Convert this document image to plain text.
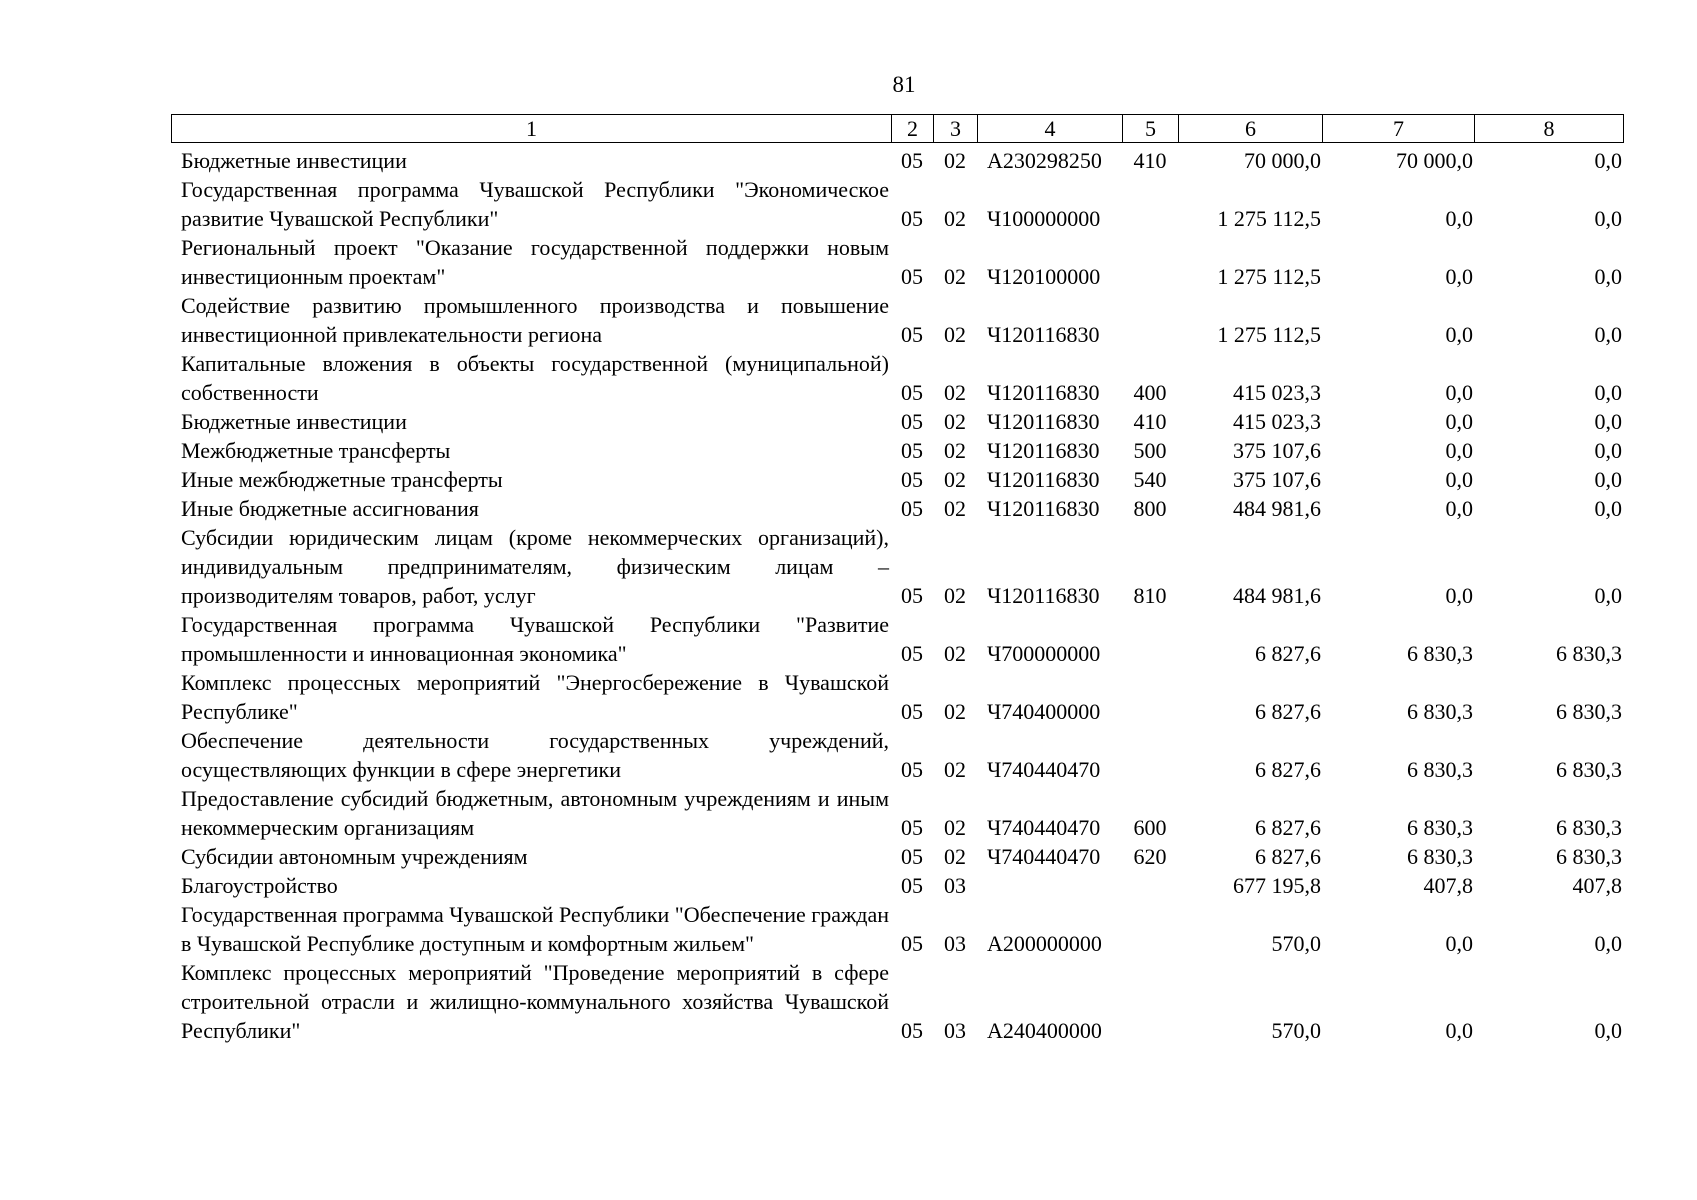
81
1	2	3	4	5	6	7	8
Бюджетные инвестиции	05	02	А230298250	410	70 000,0	70 000,0	0,0
Государственная программа Чувашской Республики "Экономическое развитие Чувашской Республики"	05	02	Ч100000000		1 275 112,5	0,0	0,0
Региональный проект "Оказание государственной поддержки новым инвестиционным проектам"	05	02	Ч120100000		1 275 112,5	0,0	0,0
Содействие развитию промышленного производства и повышение инвестиционной привлекательности региона	05	02	Ч120116830		1 275 112,5	0,0	0,0
Капитальные вложения в объекты государственной (муниципальной) собственности	05	02	Ч120116830	400	415 023,3	0,0	0,0
Бюджетные инвестиции	05	02	Ч120116830	410	415 023,3	0,0	0,0
Межбюджетные трансферты	05	02	Ч120116830	500	375 107,6	0,0	0,0
Иные межбюджетные трансферты	05	02	Ч120116830	540	375 107,6	0,0	0,0
Иные бюджетные ассигнования	05	02	Ч120116830	800	484 981,6	0,0	0,0
Субсидии юридическим лицам (кроме некоммерческих организаций), индивидуальным предпринимателям, физическим лицам – производителям товаров, работ, услуг	05	02	Ч120116830	810	484 981,6	0,0	0,0
Государственная программа Чувашской Республики "Развитие промышленности и инновационная экономика"	05	02	Ч700000000		6 827,6	6 830,3	6 830,3
Комплекс процессных мероприятий "Энергосбережение в Чувашской Республике"	05	02	Ч740400000		6 827,6	6 830,3	6 830,3
Обеспечение деятельности государственных учреждений, осуществляющих функции в сфере энергетики	05	02	Ч740440470		6 827,6	6 830,3	6 830,3
Предоставление субсидий бюджетным, автономным учреждениям и иным некоммерческим организациям	05	02	Ч740440470	600	6 827,6	6 830,3	6 830,3
Субсидии автономным учреждениям	05	02	Ч740440470	620	6 827,6	6 830,3	6 830,3
Благоустройство	05	03			677 195,8	407,8	407,8
Государственная программа Чувашской Республики "Обеспечение граждан в Чувашской Республике доступным и комфортным жильем"	05	03	А200000000		570,0	0,0	0,0
Комплекс процессных мероприятий "Проведение мероприятий в сфере строительной отрасли и жилищно-коммунального хозяйства Чувашской Республики"	05	03	А240400000		570,0	0,0	0,0
